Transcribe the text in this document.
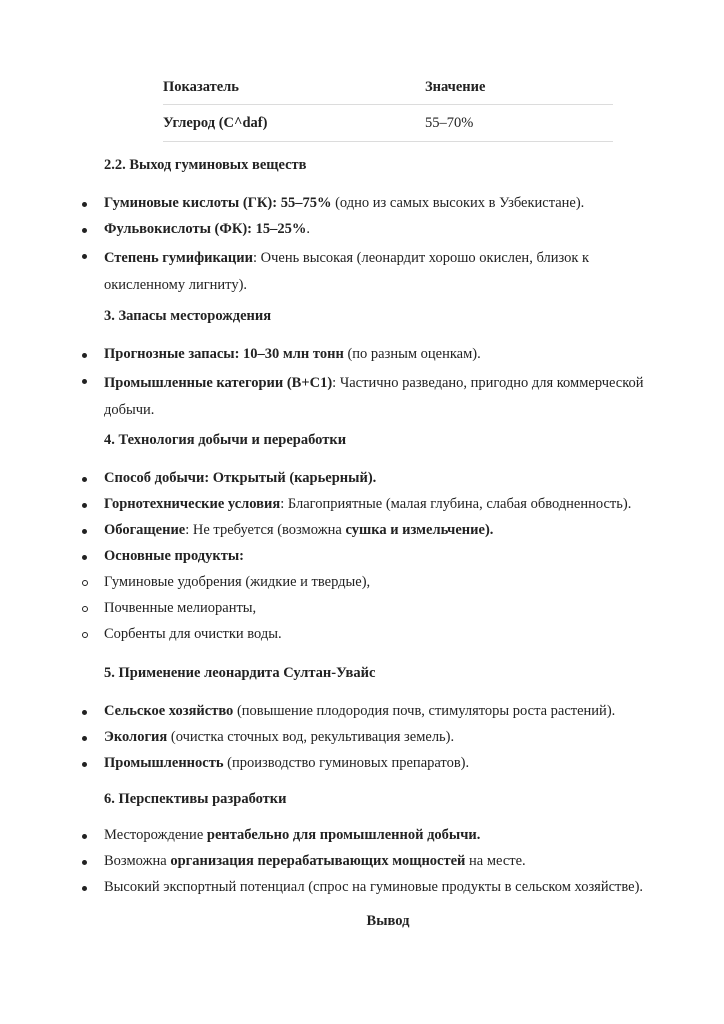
Показатель	Значение
Углерод (С^daf)	55–70%
2.2. Выход гуминовых веществ
Гуминовые кислоты (ГК): 55–75% (одно из самых высоких в Узбекистане).
Фульвокислоты (ФК): 15–25%.
Степень гумификации: Очень высокая (леонардит хорошо окислен, близок к
окисленному лигниту).
3. Запасы месторождения
Прогнозные запасы: 10–30 млн тонн (по разным оценкам).
Промышленные категории (В+С1): Частично разведано, пригодно для коммерческой
добычи.
4. Технология добычи и переработки
Способ добычи: Открытый (карьерный).
Горнотехнические условия: Благоприятные (малая глубина, слабая обводненность).
Обогащение: Не требуется (возможна сушка и измельчение).
Основные продукты:
Гуминовые удобрения (жидкие и твердые),
Почвенные мелиоранты,
Сорбенты для очистки воды.
5. Применение леонардита Султан-Увайс
Сельское хозяйство (повышение плодородия почв, стимуляторы роста растений).
Экология (очистка сточных вод, рекультивация земель).
Промышленность (производство гуминовых препаратов).
6. Перспективы разработки
Месторождение рентабельно для промышленной добычи.
Возможна организация перерабатывающих мощностей на месте.
Высокий экспортный потенциал (спрос на гуминовые продукты в сельском хозяйстве).
Вывод
